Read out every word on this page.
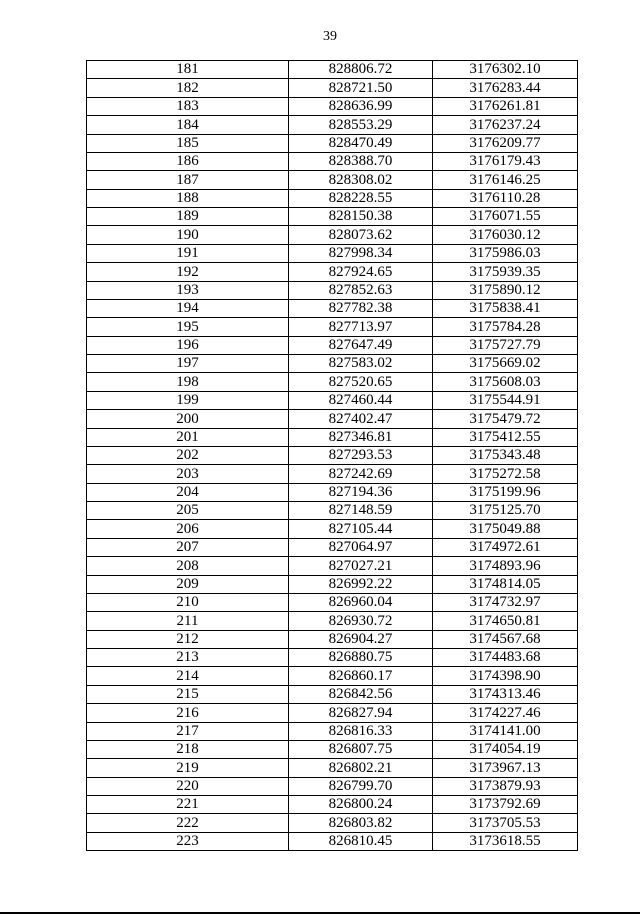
39
181	828806.72	3176302.10
182	828721.50	3176283.44
183	828636.99	3176261.81
184	828553.29	3176237.24
185	828470.49	3176209.77
186	828388.70	3176179.43
187	828308.02	3176146.25
188	828228.55	3176110.28
189	828150.38	3176071.55
190	828073.62	3176030.12
191	827998.34	3175986.03
192	827924.65	3175939.35
193	827852.63	3175890.12
194	827782.38	3175838.41
195	827713.97	3175784.28
196	827647.49	3175727.79
197	827583.02	3175669.02
198	827520.65	3175608.03
199	827460.44	3175544.91
200	827402.47	3175479.72
201	827346.81	3175412.55
202	827293.53	3175343.48
203	827242.69	3175272.58
204	827194.36	3175199.96
205	827148.59	3175125.70
206	827105.44	3175049.88
207	827064.97	3174972.61
208	827027.21	3174893.96
209	826992.22	3174814.05
210	826960.04	3174732.97
211	826930.72	3174650.81
212	826904.27	3174567.68
213	826880.75	3174483.68
214	826860.17	3174398.90
215	826842.56	3174313.46
216	826827.94	3174227.46
217	826816.33	3174141.00
218	826807.75	3174054.19
219	826802.21	3173967.13
220	826799.70	3173879.93
221	826800.24	3173792.69
222	826803.82	3173705.53
223	826810.45	3173618.55
